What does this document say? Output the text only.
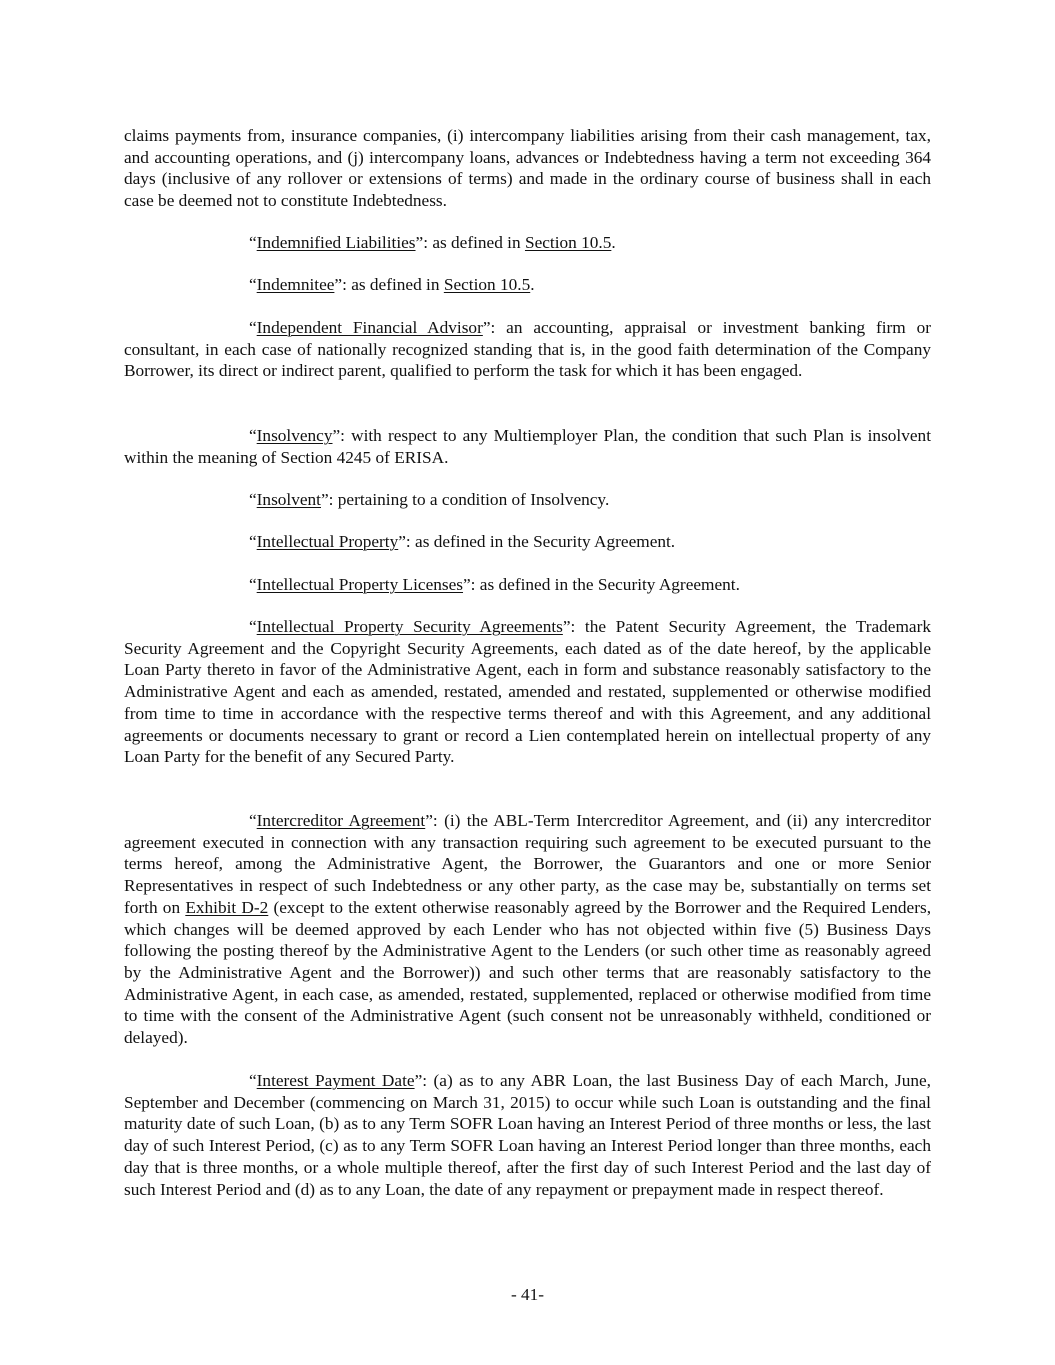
claims payments from, insurance companies, (i) intercompany liabilities arising from their cash management, tax, and accounting operations, and (j) intercompany loans, advances or Indebtedness having a term not exceeding 364 days (inclusive of any rollover or extensions of terms) and made in the ordinary course of business shall in each case be deemed not to constitute Indebtedness.

“Indemnified Liabilities”: as defined in Section 10.5.

“Indemnitee”: as defined in Section 10.5.

“Independent Financial Advisor”: an accounting, appraisal or investment banking firm or consultant, in each case of nationally recognized standing that is, in the good faith determination of the Company Borrower, its direct or indirect parent, qualified to perform the task for which it has been engaged.

“Insolvency”: with respect to any Multiemployer Plan, the condition that such Plan is insolvent within the meaning of Section 4245 of ERISA.

“Insolvent”: pertaining to a condition of Insolvency.

“Intellectual Property”: as defined in the Security Agreement.

“Intellectual Property Licenses”: as defined in the Security Agreement.

“Intellectual Property Security Agreements”: the Patent Security Agreement, the Trademark Security Agreement and the Copyright Security Agreements, each dated as of the date hereof, by the applicable Loan Party thereto in favor of the Administrative Agent, each in form and substance reasonably satisfactory to the Administrative Agent and each as amended, restated, amended and restated, supplemented or otherwise modified from time to time in accordance with the respective terms thereof and with this Agreement, and any additional agreements or documents necessary to grant or record a Lien contemplated herein on intellectual property of any Loan Party for the benefit of any Secured Party.

“Intercreditor Agreement”: (i) the ABL-Term Intercreditor Agreement, and (ii) any intercreditor agreement executed in connection with any transaction requiring such agreement to be executed pursuant to the terms hereof, among the Administrative Agent, the Borrower, the Guarantors and one or more Senior Representatives in respect of such Indebtedness or any other party, as the case may be, substantially on terms set forth on Exhibit D-2 (except to the extent otherwise reasonably agreed by the Borrower and the Required Lenders, which changes will be deemed approved by each Lender who has not objected within five (5) Business Days following the posting thereof by the Administrative Agent to the Lenders (or such other time as reasonably agreed by the Administrative Agent and the Borrower)) and such other terms that are reasonably satisfactory to the Administrative Agent, in each case, as amended, restated, supplemented, replaced or otherwise modified from time to time with the consent of the Administrative Agent (such consent not be unreasonably withheld, conditioned or delayed).

“Interest Payment Date”: (a) as to any ABR Loan, the last Business Day of each March, June, September and December (commencing on March 31, 2015) to occur while such Loan is outstanding and the final maturity date of such Loan, (b) as to any Term SOFR Loan having an Interest Period of three months or less, the last day of such Interest Period, (c) as to any Term SOFR Loan having an Interest Period longer than three months, each day that is three months, or a whole multiple thereof, after the first day of such Interest Period and the last day of such Interest Period and (d) as to any Loan, the date of any repayment or prepayment made in respect thereof.

- 41-
